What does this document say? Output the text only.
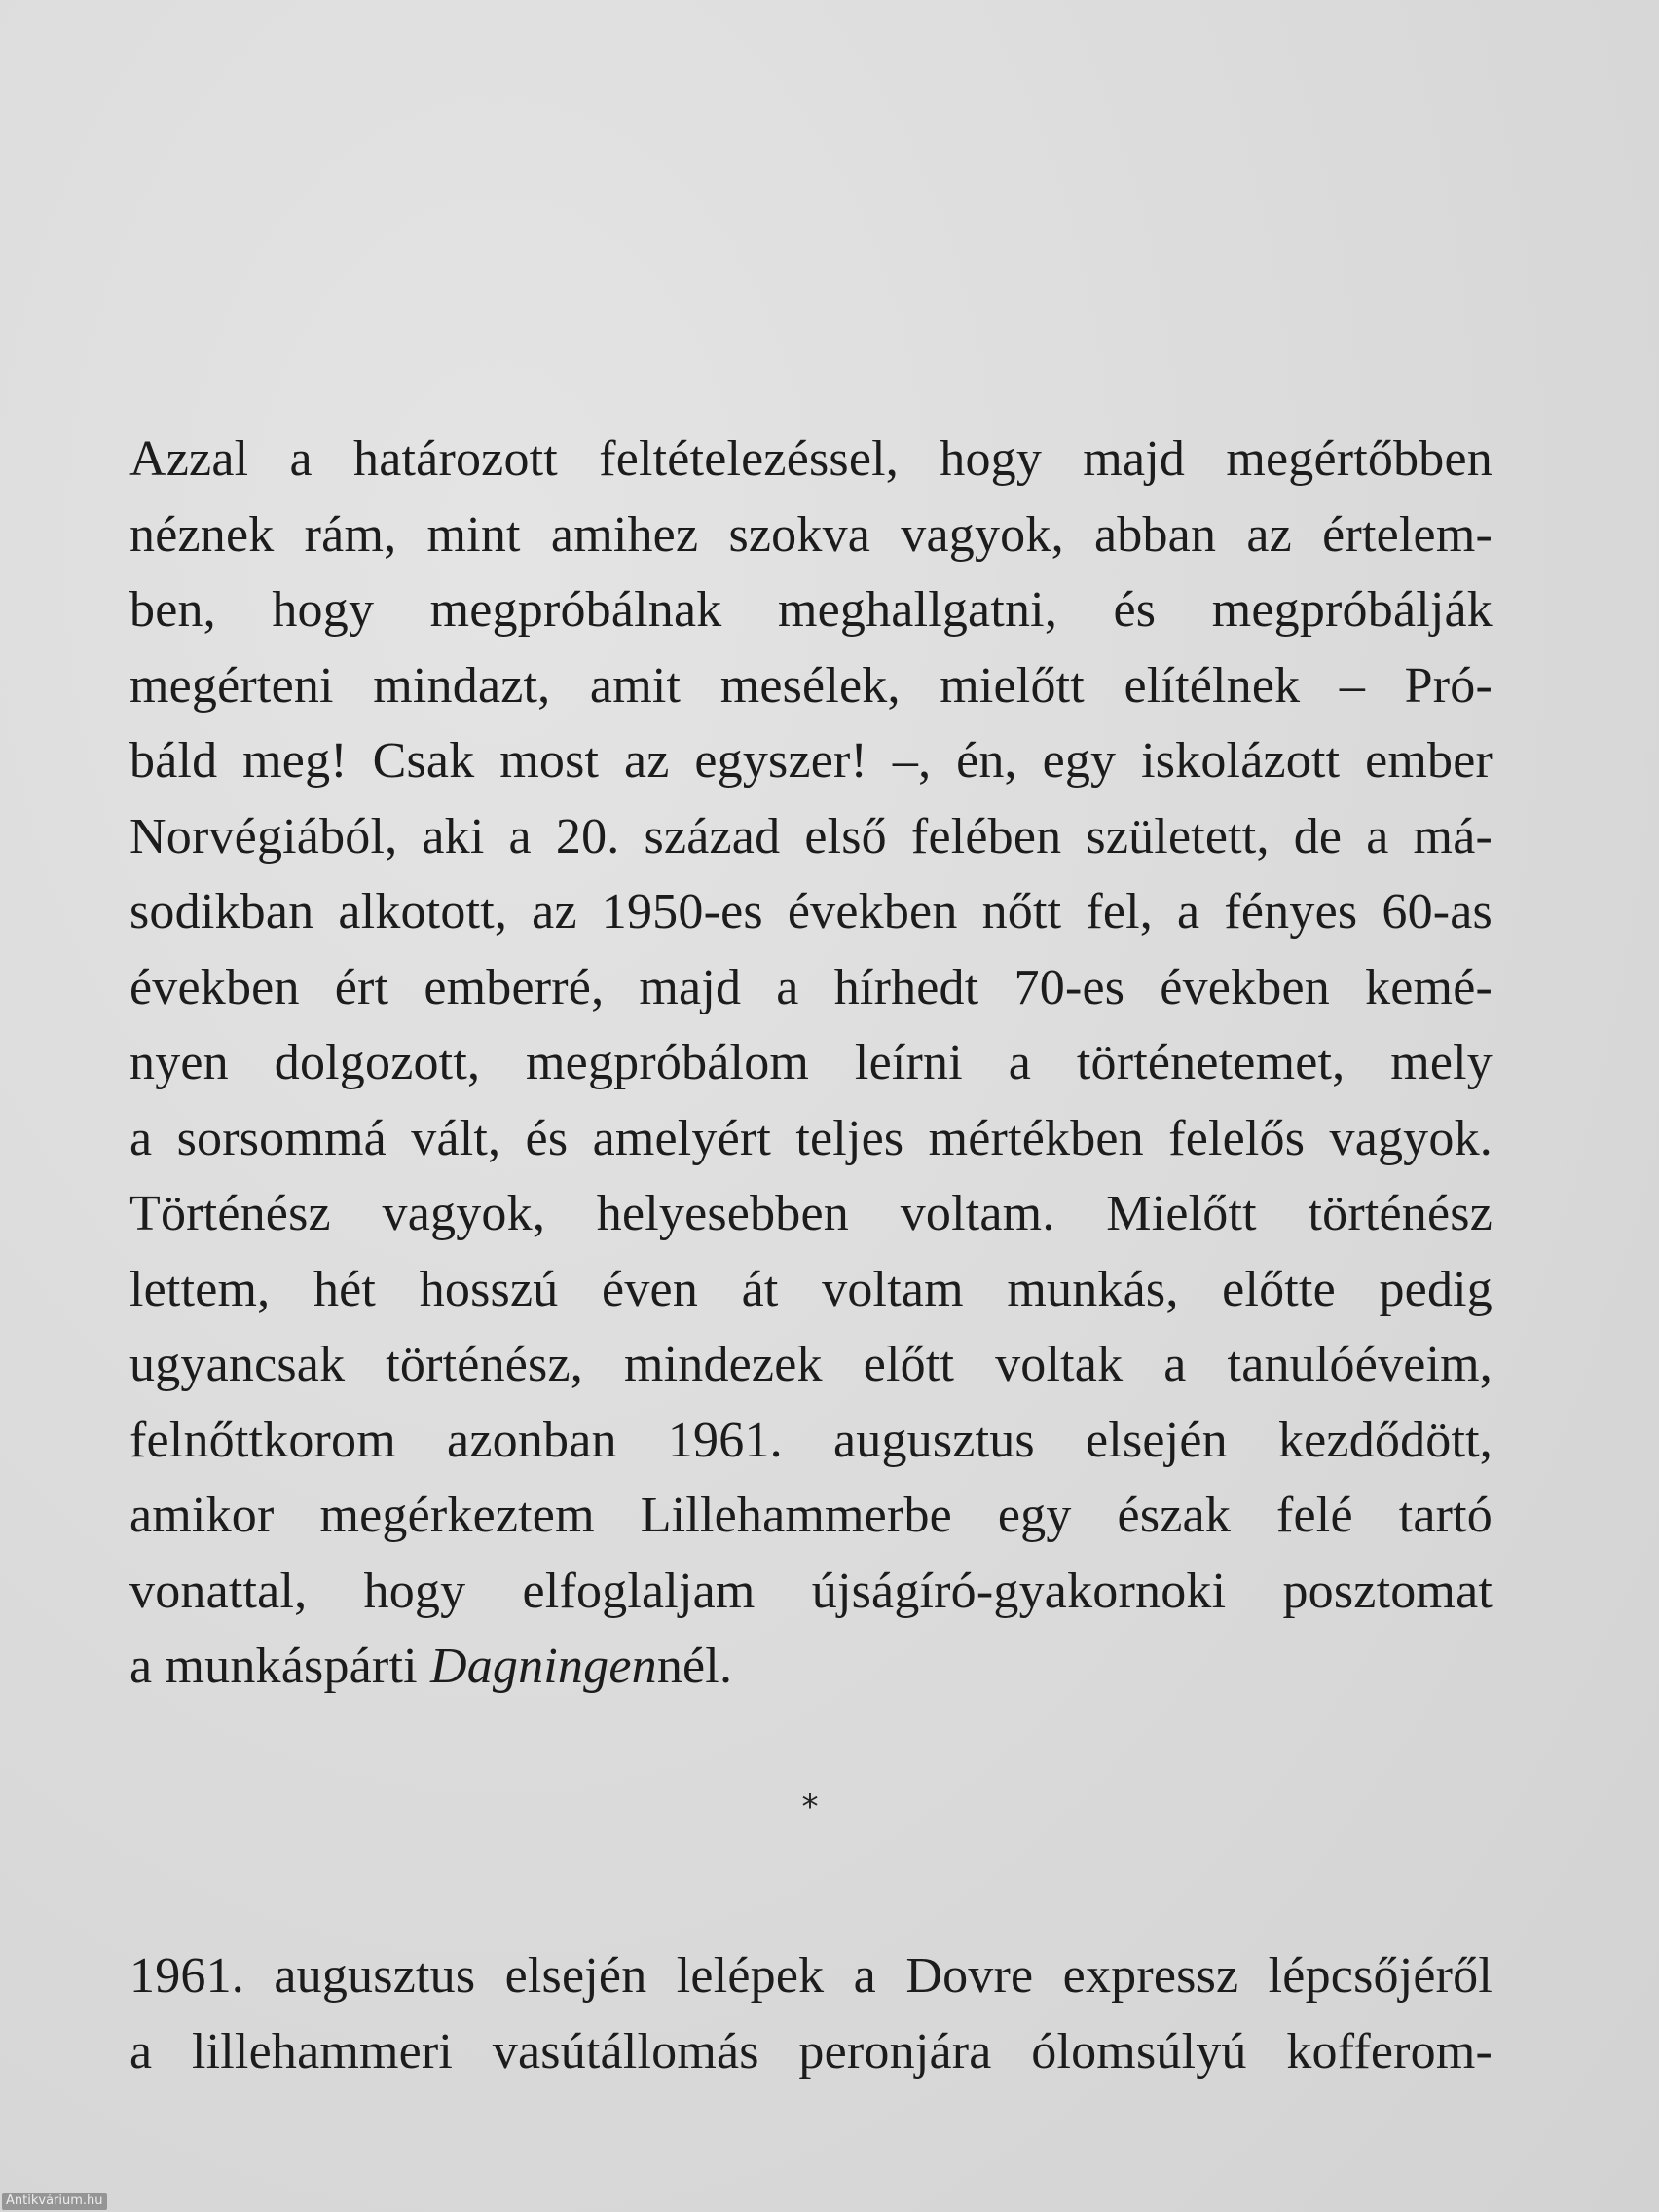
Azzal a határozott feltételezéssel, hogy majd megértőbben
néznek rám, mint amihez szokva vagyok, abban az értelem-
ben, hogy megpróbálnak meghallgatni, és megpróbálják
megérteni mindazt, amit mesélek, mielőtt elítélnek – Pró-
báld meg! Csak most az egyszer! –, én, egy iskolázott ember
Norvégiából, aki a 20. század első felében született, de a má-
sodikban alkotott, az 1950-es években nőtt fel, a fényes 60-as
években ért emberré, majd a hírhedt 70-es években kemé-
nyen dolgozott, megpróbálom leírni a történetemet, mely
a sorsommá vált, és amelyért teljes mértékben felelős vagyok.
Történész vagyok, helyesebben voltam. Mielőtt történész
lettem, hét hosszú éven át voltam munkás, előtte pedig
ugyancsak történész, mindezek előtt voltak a tanulóéveim,
felnőttkorom azonban 1961. augusztus elsején kezdődött,
amikor megérkeztem Lillehammerbe egy észak felé tartó
vonattal, hogy elfoglaljam újságíró-gyakornoki posztomat
a munkáspárti Dagningennél.
*
1961. augusztus elsején lelépek a Dovre expressz lépcsőjéről
a lillehammeri vasútállomás peronjára ólomsúlyú kofferom-
Antikvárium.hu
